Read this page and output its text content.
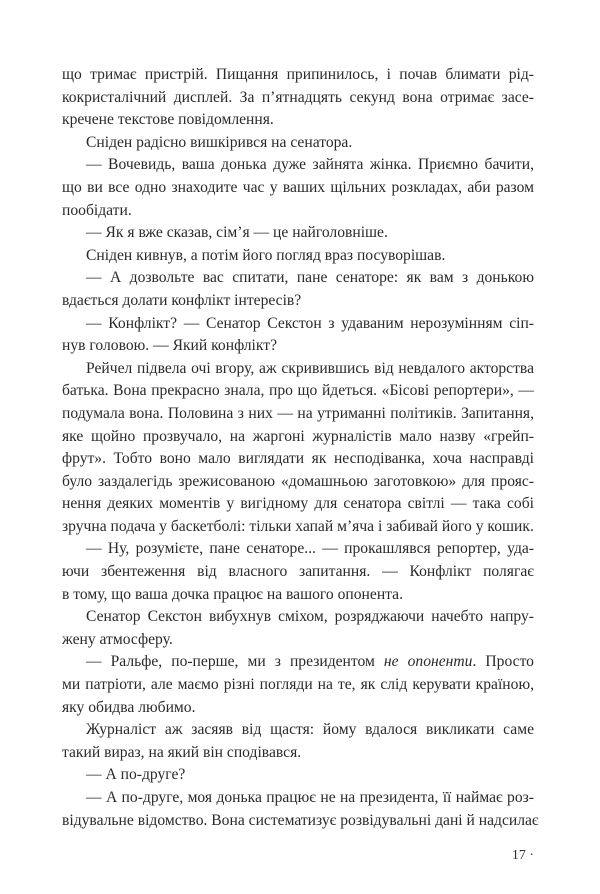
що тримає пристрій. Пищання припинилось, і почав блимати рід-
кокристалічний дисплей. За п’ятнадцять секунд вона отримає засе-
кречене текстове повідомлення.
Сніден радісно вишкірився на сенатора.
— Вочевидь, ваша донька дуже зайнята жінка. Приємно бачити,
що ви все одно знаходите час у ваших щільних розкладах, аби разом
пообідати.
— Як я вже сказав, сім’я — це найголовніше.
Сніден кивнув, а потім його погляд враз посуворішав.
— А дозвольте вас спитати, пане сенаторе: як вам з донькою
вдається долати конфлікт інтересів?
— Конфлікт? — Сенатор Секстон з удаваним нерозумінням сіп-
нув головою. — Який конфлікт?
Рейчел підвела очі вгору, аж скривившись від невдалого акторства
батька. Вона прекрасно знала, про що йдеться. «Бісові репортери», —
подумала вона. Половина з них — на утриманні політиків. Запитання,
яке щойно прозвучало, на жаргоні журналістів мало назву «грейп-
фрут». Тобто воно мало виглядати як несподіванка, хоча насправді
було заздалегідь зрежисованою «домашньою заготовкою» для прояс-
нення деяких моментів у вигідному для сенатора світлі — така собі
зручна подача у баскетболі: тільки хапай м’яча і забивай його у кошик.
— Ну, розумієте, пане сенаторе... — прокашлявся репортер, уда-
ючи збентеження від власного запитання. — Конфлікт полягає
в тому, що ваша дочка працює на вашого опонента.
Сенатор Секстон вибухнув сміхом, розряджаючи начебто напру-
жену атмосферу.
— Ральфе, по-перше, ми з президентом не опоненти. Просто
ми патріоти, але маємо різні погляди на те, як слід керувати країною,
яку обидва любимо.
Журналіст аж засяяв від щастя: йому вдалося викликати саме
такий вираз, на який він сподівався.
— А по-друге?
— А по-друге, моя донька працює не на президента, її наймає роз-
відувальне відомство. Вона систематизує розвідувальні дані й надсилає
17 ·
